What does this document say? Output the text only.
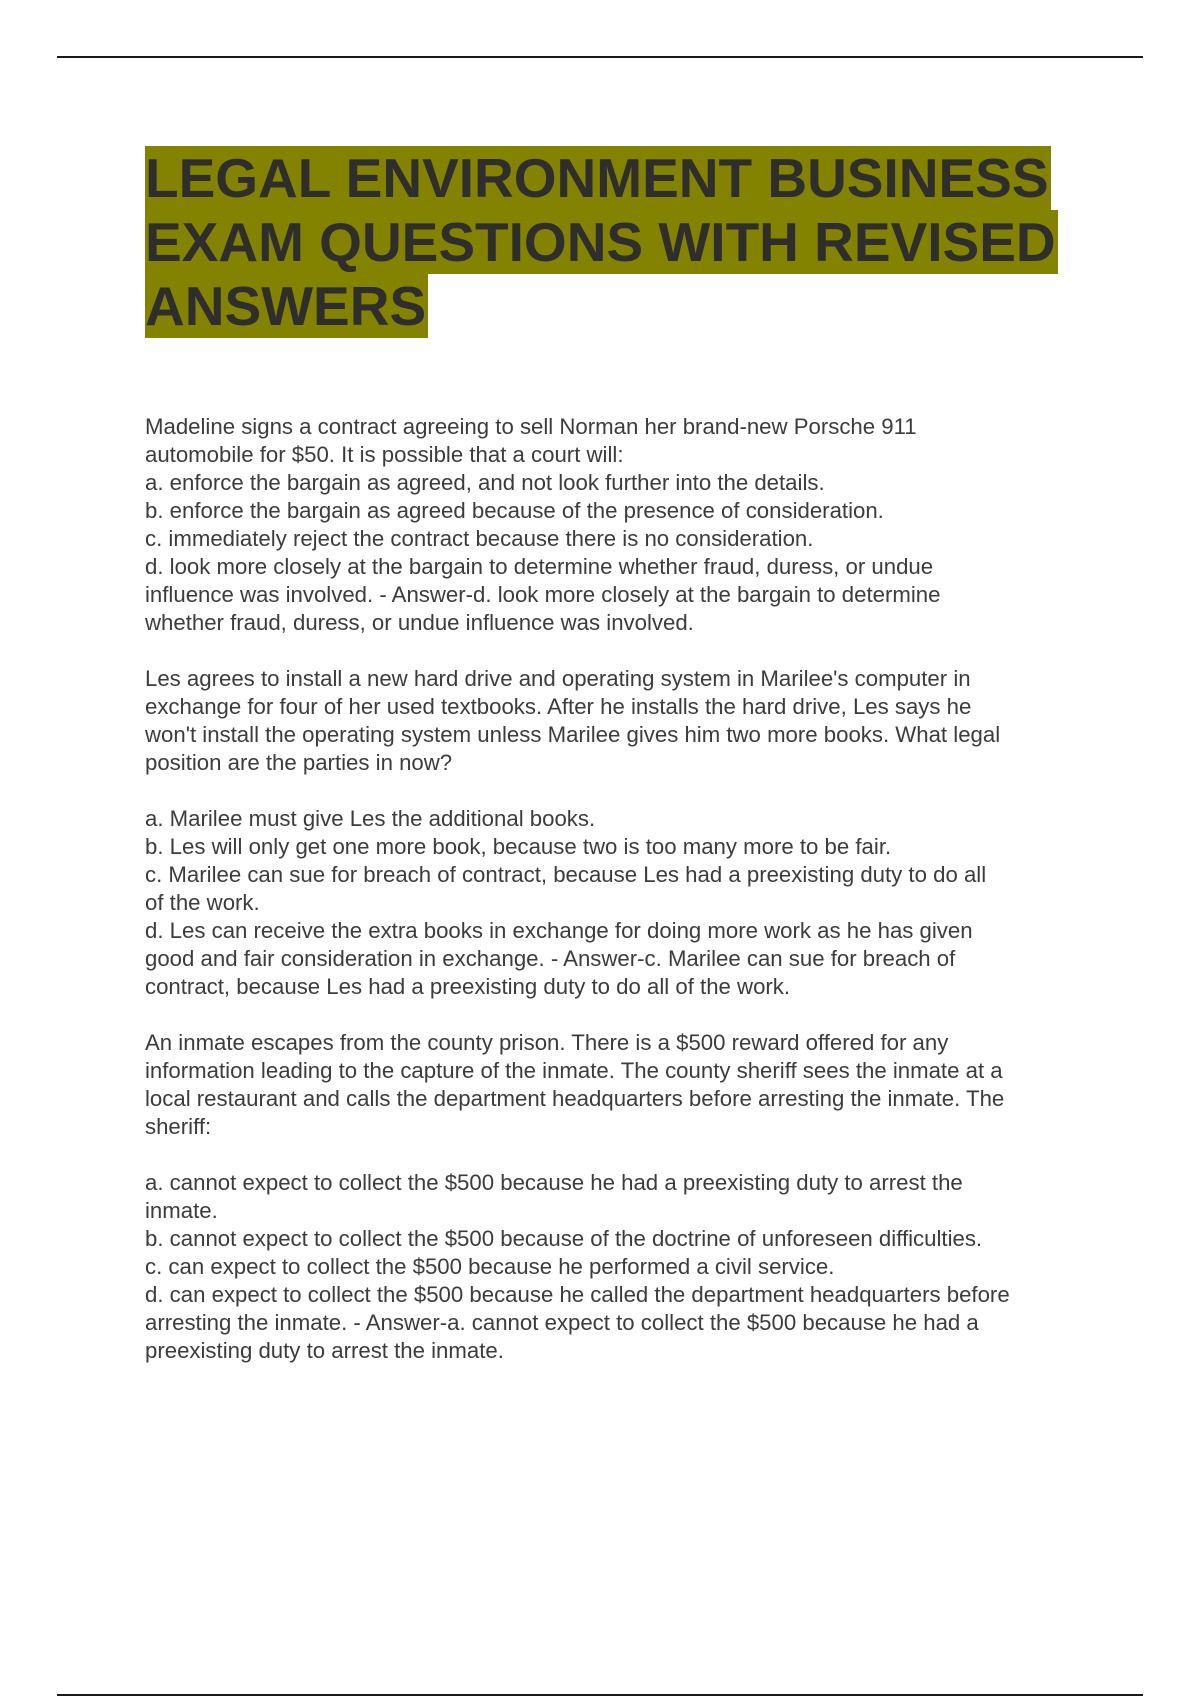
LEGAL ENVIRONMENT BUSINESS
EXAM QUESTIONS WITH REVISED
ANSWERS
Madeline signs a contract agreeing to sell Norman her brand-new Porsche 911
automobile for $50. It is possible that a court will:
a. enforce the bargain as agreed, and not look further into the details.
b. enforce the bargain as agreed because of the presence of consideration.
c. immediately reject the contract because there is no consideration.
d. look more closely at the bargain to determine whether fraud, duress, or undue
influence was involved. - Answer-d. look more closely at the bargain to determine
whether fraud, duress, or undue influence was involved.
Les agrees to install a new hard drive and operating system in Marilee's computer in
exchange for four of her used textbooks. After he installs the hard drive, Les says he
won't install the operating system unless Marilee gives him two more books. What legal
position are the parties in now?
a. Marilee must give Les the additional books.
b. Les will only get one more book, because two is too many more to be fair.
c. Marilee can sue for breach of contract, because Les had a preexisting duty to do all
of the work.
d. Les can receive the extra books in exchange for doing more work as he has given
good and fair consideration in exchange. - Answer-c. Marilee can sue for breach of
contract, because Les had a preexisting duty to do all of the work.
An inmate escapes from the county prison. There is a $500 reward offered for any
information leading to the capture of the inmate. The county sheriff sees the inmate at a
local restaurant and calls the department headquarters before arresting the inmate. The
sheriff:
a. cannot expect to collect the $500 because he had a preexisting duty to arrest the
inmate.
b. cannot expect to collect the $500 because of the doctrine of unforeseen difficulties.
c. can expect to collect the $500 because he performed a civil service.
d. can expect to collect the $500 because he called the department headquarters before
arresting the inmate. - Answer-a. cannot expect to collect the $500 because he had a
preexisting duty to arrest the inmate.
